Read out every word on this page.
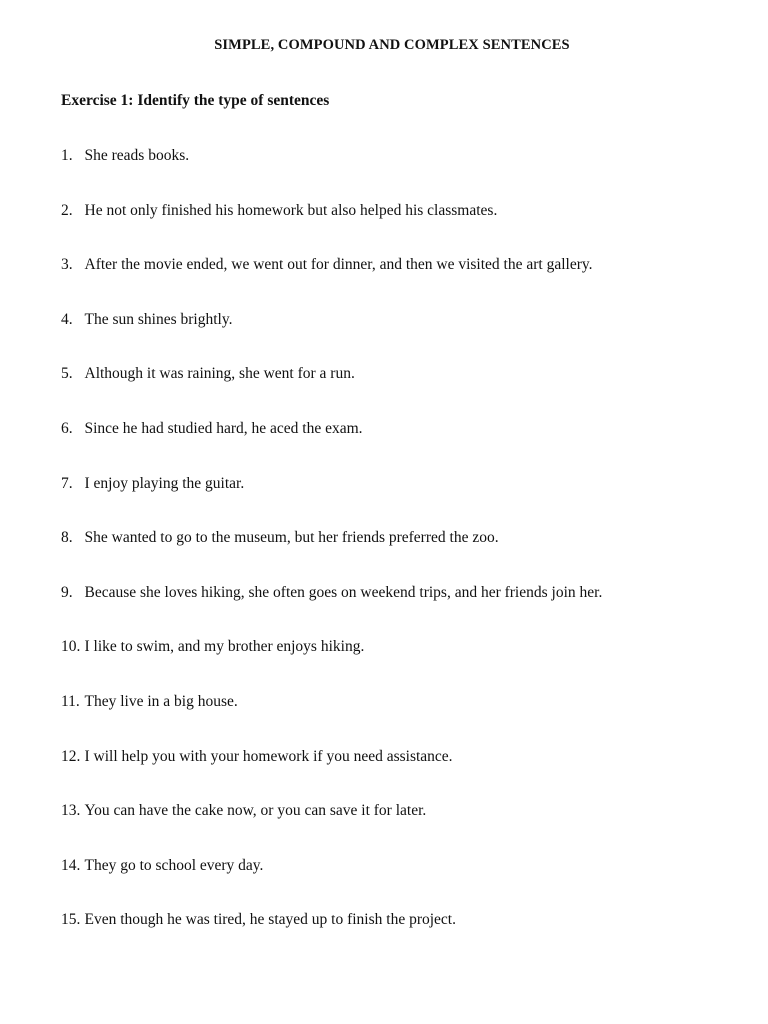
SIMPLE, COMPOUND AND COMPLEX SENTENCES
Exercise 1: Identify the type of sentences
1. She reads books.
2. He not only finished his homework but also helped his classmates.
3. After the movie ended, we went out for dinner, and then we visited the art gallery.
4. The sun shines brightly.
5. Although it was raining, she went for a run.
6. Since he had studied hard, he aced the exam.
7. I enjoy playing the guitar.
8. She wanted to go to the museum, but her friends preferred the zoo.
9. Because she loves hiking, she often goes on weekend trips, and her friends join her.
10. I like to swim, and my brother enjoys hiking.
11. They live in a big house.
12. I will help you with your homework if you need assistance.
13. You can have the cake now, or you can save it for later.
14. They go to school every day.
15. Even though he was tired, he stayed up to finish the project.
